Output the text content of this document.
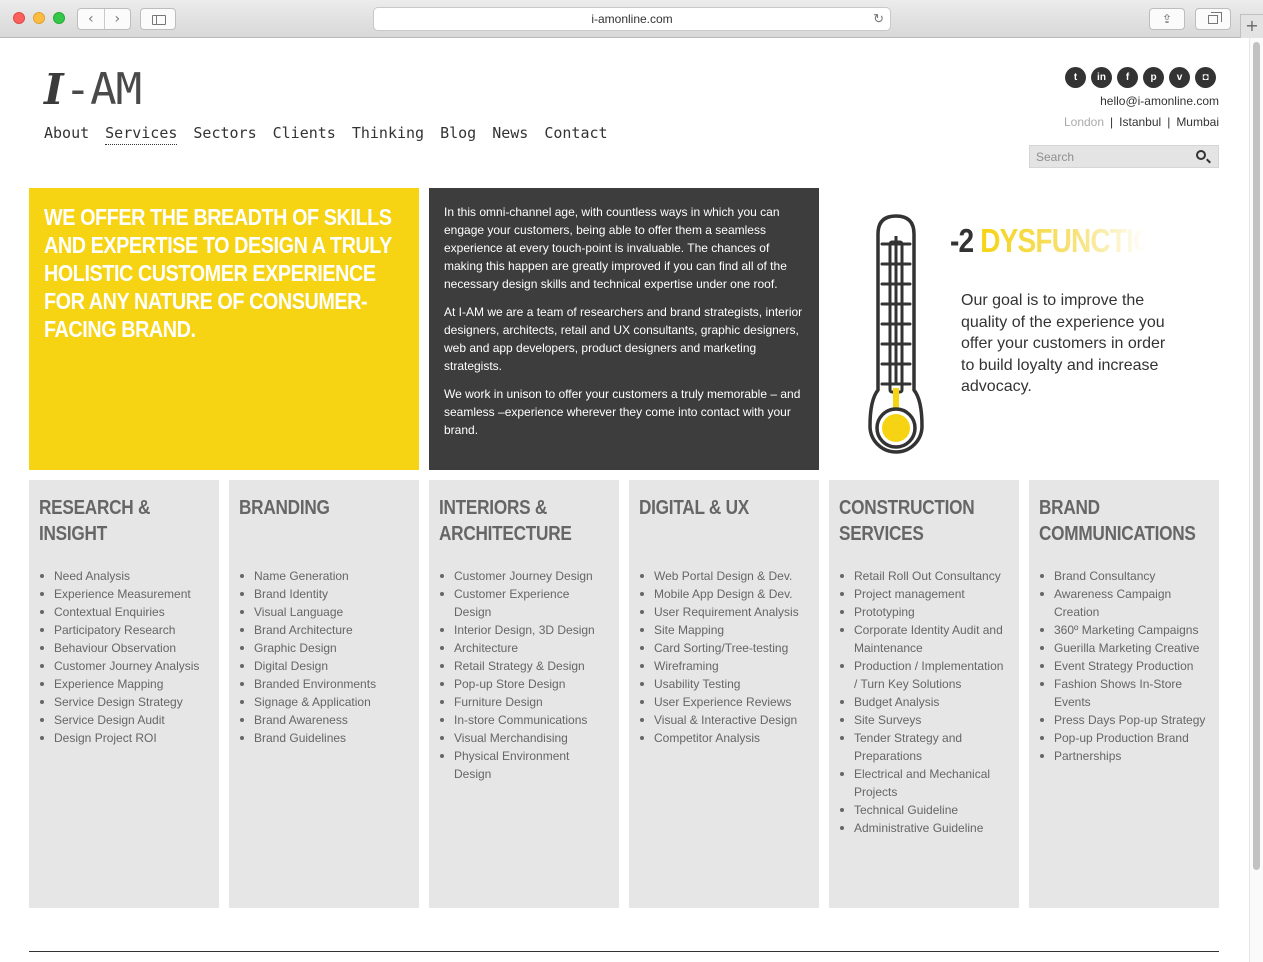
‹	›	i-amonline.com	↻	⇪	+
I -AM
About Services Sectors Clients Thinking Blog News Contact
t	in	f	p	v	◘
hello@i-amonline.com
London | Istanbul | Mumbai
Search
WE OFFER THE BREADTH OF SKILLS AND EXPERTISE TO DESIGN A TRULY HOLISTIC CUSTOMER EXPERIENCE FOR ANY NATURE OF CONSUMER-FACING BRAND.

In this omni-channel age, with countless ways in which you can engage your customers, being able to offer them a seamless experience at every touch-point is invaluable. The chances of making this happen are greatly improved if you can find all of the necessary design skills and technical expertise under one roof.

At I-AM we are a team of researchers and brand strategists, interior designers, architects, retail and UX consultants, graphic designers, web and app developers, product designers and marketing strategists.

We work in unison to offer your customers a truly memorable – and seamless –experience wherever they come into contact with your brand.

-2 DYSFUNCTIO
Our goal is to improve the quality of the experience you offer your customers in order to build loyalty and increase advocacy.
RESEARCH & INSIGHT
Need Analysis
Experience Measurement
Contextual Enquiries
Participatory Research
Behaviour Observation
Customer Journey Analysis
Experience Mapping
Service Design Strategy
Service Design Audit
Design Project ROI
BRANDING
Name Generation
Brand Identity
Visual Language
Brand Architecture
Graphic Design
Digital Design
Branded Environments
Signage & Application
Brand Awareness
Brand Guidelines
INTERIORS & ARCHITECTURE
Customer Journey Design
Customer Experience Design
Interior Design, 3D Design
Architecture
Retail Strategy & Design
Pop-up Store Design
Furniture Design
In-store Communications
Visual Merchandising
Physical Environment Design
DIGITAL & UX
Web Portal Design & Dev.
Mobile App Design & Dev.
User Requirement Analysis
Site Mapping
Card Sorting/Tree-testing
Wireframing
Usability Testing
User Experience Reviews
Visual & Interactive Design
Competitor Analysis
CONSTRUCTION SERVICES
Retail Roll Out Consultancy
Project management
Prototyping
Corporate Identity Audit and Maintenance
Production / Implementation / Turn Key Solutions
Budget Analysis
Site Surveys
Tender Strategy and Preparations
Electrical and Mechanical Projects
Technical Guideline
Administrative Guideline
BRAND COMMUNICATIONS
Brand Consultancy
Awareness Campaign Creation
360º Marketing Campaigns
Guerilla Marketing Creative
Event Strategy Production
Fashion Shows In-Store Events
Press Days Pop-up Strategy
Pop-up Production Brand
Partnerships
